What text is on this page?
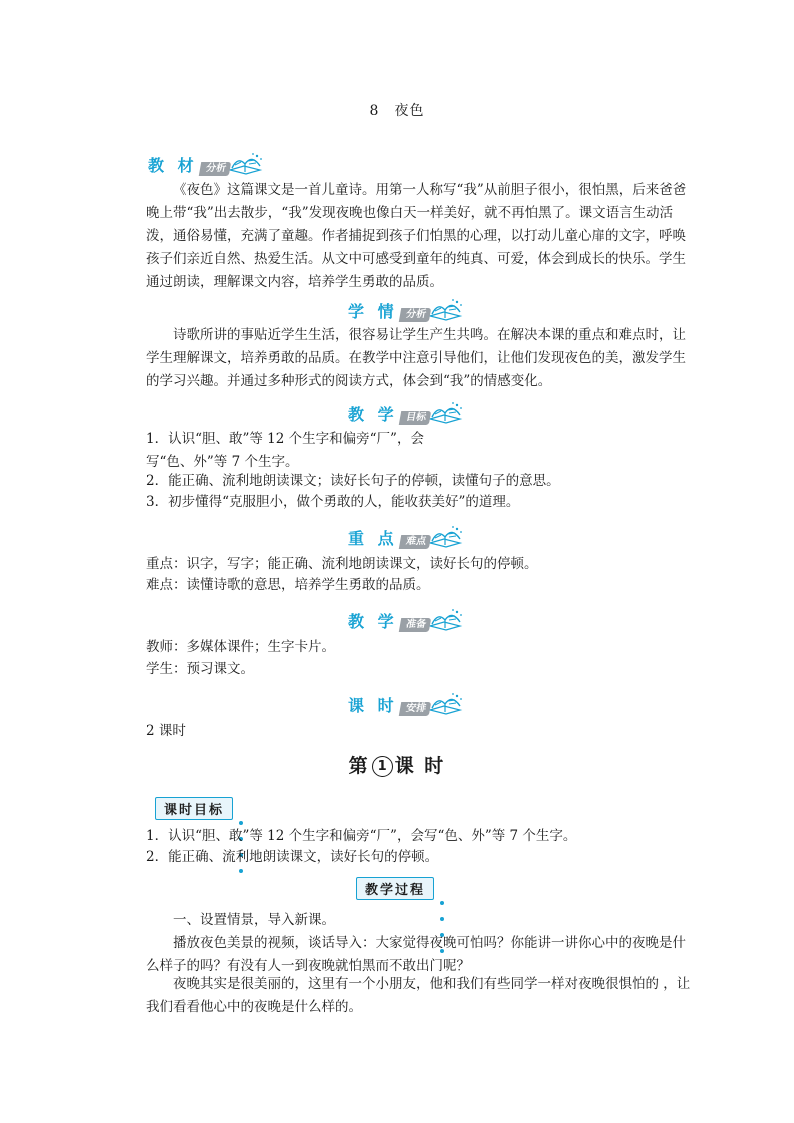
8　夜色
教 材 分析
《夜色》这篇课文是一首儿童诗。用第一人称写“我”从前胆子很小，很怕黑，后来爸爸晚上带“我”出去散步，“我”发现夜晚也像白天一样美好，就不再怕黑了。课文语言生动活泼，通俗易懂，充满了童趣。作者捕捉到孩子们怕黑的心理，以打动儿童心扉的文字，呼唤孩子们亲近自然、热爱生活。从文中可感受到童年的纯真、可爱，体会到成长的快乐。学生通过朗读，理解课文内容，培养学生勇敢的品质。
学 情 分析
诗歌所讲的事贴近学生生活，很容易让学生产生共鸣。在解决本课的重点和难点时，让学生理解课文，培养勇敢的品质。在教学中注意引导他们，让他们发现夜色的美，激发学生的学习兴趣。并通过多种形式的阅读方式，体会到“我”的情感变化。
教 学 目标
1．认识“胆、敢”等 12 个生字和偏旁“厂”，会
写“色、外”等 7 个生字。
2．能正确、流利地朗读课文；读好长句子的停顿，读懂句子的意思。
3．初步懂得“克服胆小，做个勇敢的人，能收获美好”的道理。
重 点 难点
重点：识字，写字；能正确、流利地朗读课文，读好长句的停顿。
难点：读懂诗歌的意思，培养学生勇敢的品质。
教 学 准备
教师：多媒体课件；生字卡片。
学生：预习课文。
课 时 安排
2 课时
第 1 课 时
课时目标
1．认识“胆、敢”等 12 个生字和偏旁“厂”，会写“色、外”等 7 个生字。
2．能正确、流利地朗读课文，读好长句的停顿。
教学过程
一、设置情景，导入新课。
播放夜色美景的视频，谈话导入：大家觉得夜晚可怕吗？你能讲一讲你心中的夜晚是什么样子的吗？有没有人一到夜晚就怕黑而不敢出门呢？
夜晚其实是很美丽的，这里有一个小朋友，他和我们有些同学一样对夜晚很惧怕的 ，让我们看看他心中的夜晚是什么样的。
